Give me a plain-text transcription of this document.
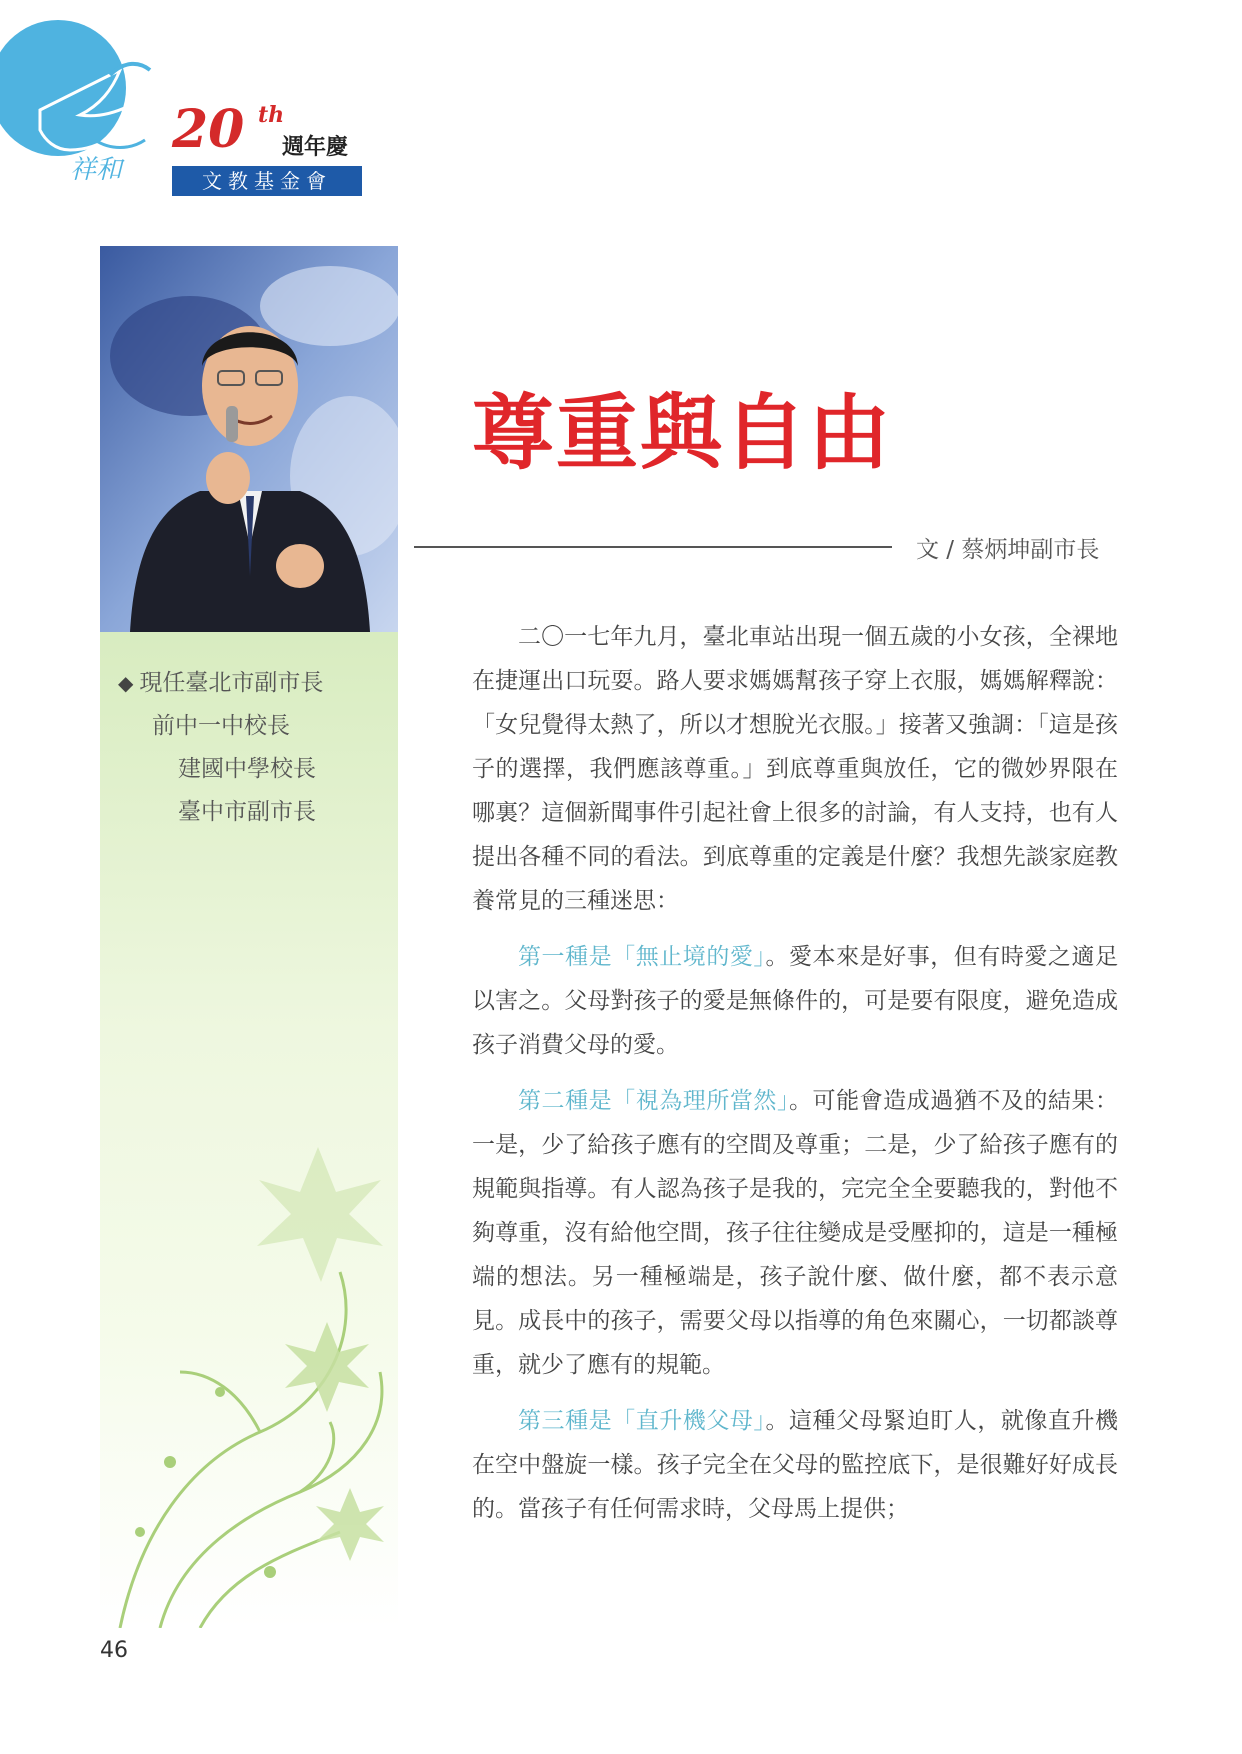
祥和
20 th
週年慶
文教基金會
◆ 現任臺北市副市長
前中一中校長
建國中學校長
臺中市副市長
尊重與自由
文 / 蔡炳坤副市長

二〇一七年九月，臺北車站出現一個五歲的小女孩，全裸地在捷運出口玩耍。路人要求媽媽幫孩子穿上衣服，媽媽解釋說：「女兒覺得太熱了，所以才想脫光衣服。」接著又強調：「這是孩子的選擇，我們應該尊重。」到底尊重與放任，它的微妙界限在哪裏？這個新聞事件引起社會上很多的討論，有人支持，也有人提出各種不同的看法。到底尊重的定義是什麼？我想先談家庭教養常見的三種迷思：

第一種是「無止境的愛」。愛本來是好事，但有時愛之適足以害之。父母對孩子的愛是無條件的，可是要有限度，避免造成孩子消費父母的愛。

第二種是「視為理所當然」。可能會造成過猶不及的結果：一是，少了給孩子應有的空間及尊重；二是，少了給孩子應有的規範與指導。有人認為孩子是我的，完完全全要聽我的，對他不夠尊重，沒有給他空間，孩子往往變成是受壓抑的，這是一種極端的想法。另一種極端是，孩子說什麼、做什麼，都不表示意見。成長中的孩子，需要父母以指導的角色來關心，一切都談尊重，就少了應有的規範。

第三種是「直升機父母」。這種父母緊迫盯人，就像直升機在空中盤旋一樣。孩子完全在父母的監控底下，是很難好好成長的。當孩子有任何需求時，父母馬上提供；

46
